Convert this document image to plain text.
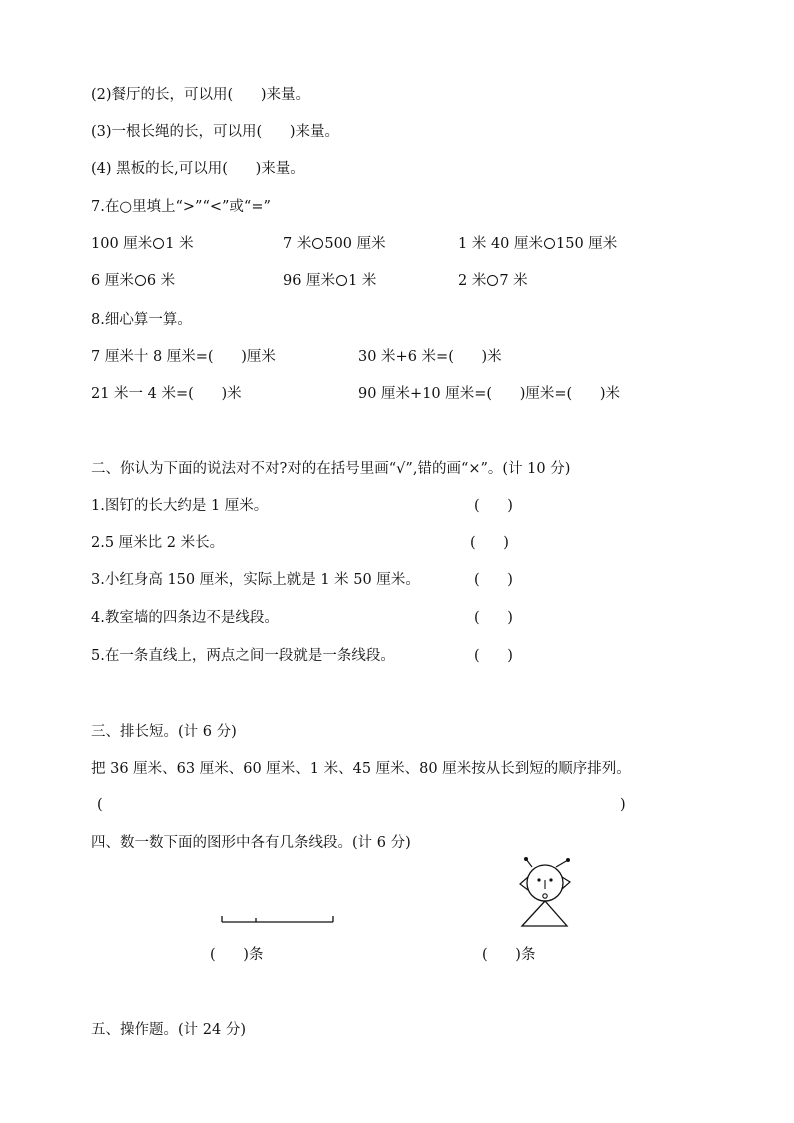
(2)餐厅的长，可以用(      )来量。
(3)一根长绳的长，可以用(      )来量。
(4) 黑板的长,可以用(      )来量。
7.在○里填上“>”“<”或“=”
100 厘米 1 米	7 米 500 厘米	1 米 40 厘米 150 厘米
6 厘米 6 米	96 厘米 1 米	2 米 7 米
8.细心算一算。
7 厘米十 8 厘米=(      )厘米	30 米+6 米=(      )米
21 米一 4 米=(      )米	90 厘米+10 厘米=(      )厘米=(      )米
二、你认为下面的说法对不对?对的在括号里画“√”,错的画“×”。(计 10 分)
1.图钉的长大约是 1 厘米。	(      )
2.5 厘米比 2 米长。	(      )
3.小红身高 150 厘米，实际上就是 1 米 50 厘米。	(      )
4.教室墙的四条边不是线段。	(      )
5.在一条直线上，两点之间一段就是一条线段。	(      )
三、排长短。(计 6 分)
把 36 厘米、63 厘米、60 厘米、1 米、45 厘米、80 厘米按从长到短的顺序排列。
(	)
四、数一数下面的图形中各有几条线段。(计 6 分)
(      )条	(      )条
五、操作题。(计 24 分)
